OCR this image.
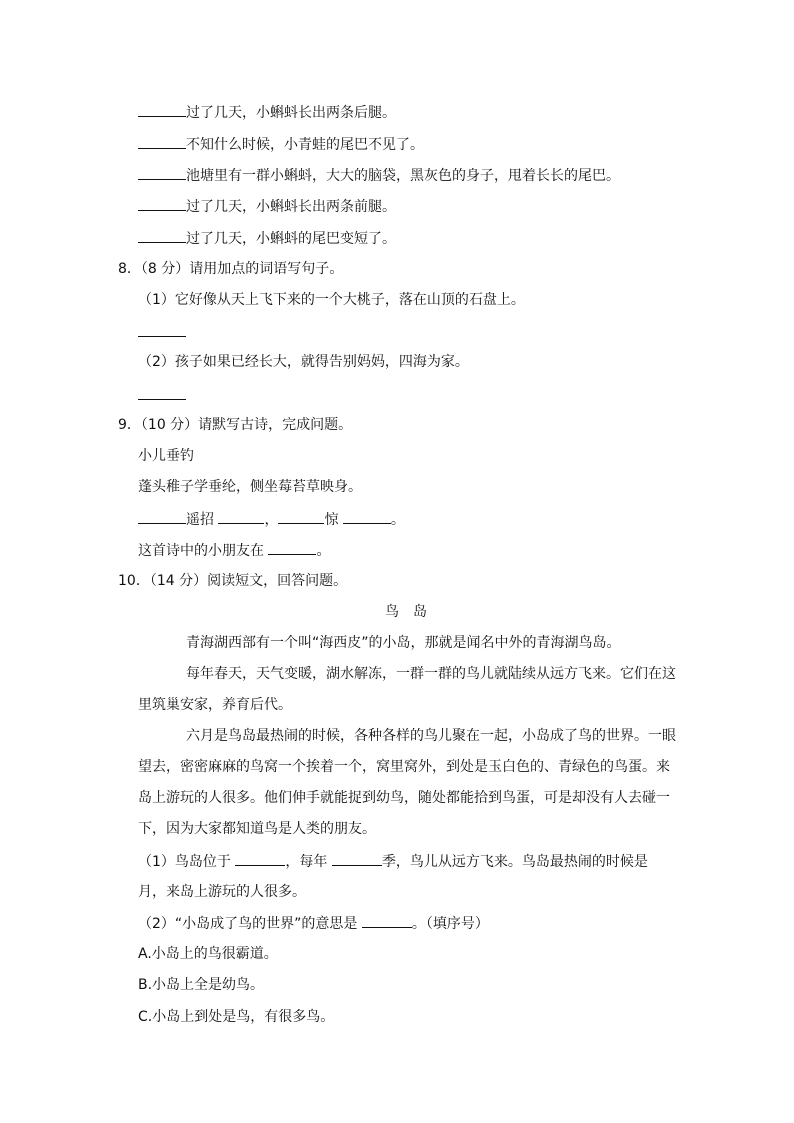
过了几天，小蝌蚪长出两条后腿。
不知什么时候，小青蛙的尾巴不见了。
池塘里有一群小蝌蚪，大大的脑袋，黑灰色的身子，甩着长长的尾巴。
过了几天，小蝌蚪长出两条前腿。
过了几天，小蝌蚪的尾巴变短了。
8．（8 分）请用加点的词语写句子。
（1）它好像从天上飞下来的一个大桃子，落在山顶的石盘上。
（2）孩子如果已经长大，就得告别妈妈，四海为家。
9．（10 分）请默写古诗，完成问题。
小儿垂钓
蓬头稚子学垂纶，侧坐莓苔草映身。
遥招	，	惊	。
这首诗中的小朋友在	。
10．（14 分）阅读短文，回答问题。
鸟　岛
青海湖西部有一个叫“海西皮”的小岛，那就是闻名中外的青海湖鸟岛。
每年春天，天气变暖，湖水解冻，一群一群的鸟儿就陆续从远方飞来。它们在这
里筑巢安家，养育后代。
六月是鸟岛最热闹的时候，各种各样的鸟儿聚在一起，小岛成了鸟的世界。一眼
望去，密密麻麻的鸟窝一个挨着一个，窝里窝外，到处是玉白色的、青绿色的鸟蛋。来
岛上游玩的人很多。他们伸手就能捉到幼鸟，随处都能拾到鸟蛋，可是却没有人去碰一
下，因为大家都知道鸟是人类的朋友。
（1）鸟岛位于	，每年	季，鸟儿从远方飞来。鸟岛最热闹的时候是
月，来岛上游玩的人很多。
（2）“小岛成了鸟的世界”的意思是	。（填序号）
A.小岛上的鸟很霸道。
B.小岛上全是幼鸟。
C.小岛上到处是鸟，有很多鸟。
